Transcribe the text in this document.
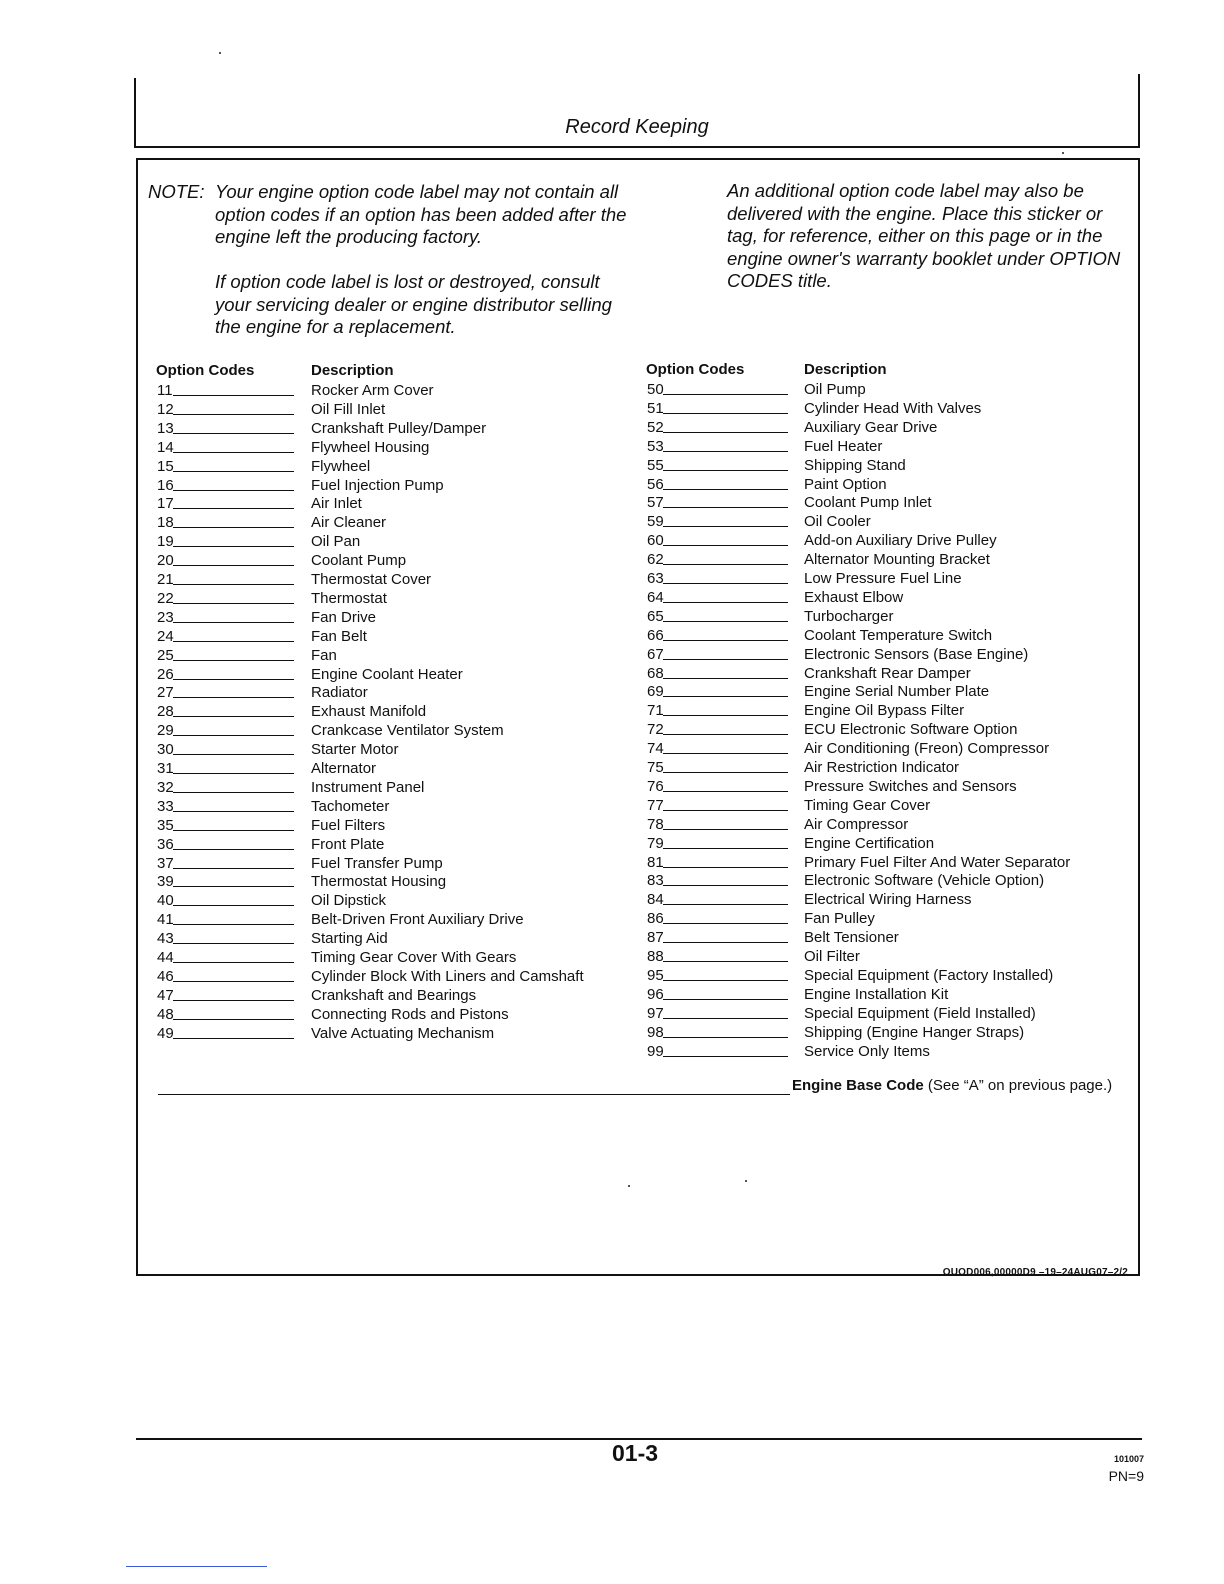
Record Keeping
NOTE: Your engine option code label may not contain all option codes if an option has been added after the engine left the producing factory.
If option code label is lost or destroyed, consult your servicing dealer or engine distributor selling the engine for a replacement.
An additional option code label may also be delivered with the engine. Place this sticker or tag, for reference, either on this page or in the engine owner's warranty booklet under OPTION CODES title.
Option Codes	Description	Option Codes	Description
11	Rocker Arm Cover
12	Oil Fill Inlet
13	Crankshaft Pulley/Damper
14	Flywheel Housing
15	Flywheel
16	Fuel Injection Pump
17	Air Inlet
18	Air Cleaner
19	Oil Pan
20	Coolant Pump
21	Thermostat Cover
22	Thermostat
23	Fan Drive
24	Fan Belt
25	Fan
26	Engine Coolant Heater
27	Radiator
28	Exhaust Manifold
29	Crankcase Ventilator System
30	Starter Motor
31	Alternator
32	Instrument Panel
33	Tachometer
35	Fuel Filters
36	Front Plate
37	Fuel Transfer Pump
39	Thermostat Housing
40	Oil Dipstick
41	Belt-Driven Front Auxiliary Drive
43	Starting Aid
44	Timing Gear Cover With Gears
46	Cylinder Block With Liners and Camshaft
47	Crankshaft and Bearings
48	Connecting Rods and Pistons
49	Valve Actuating Mechanism
50	Oil Pump
51	Cylinder Head With Valves
52	Auxiliary Gear Drive
53	Fuel Heater
55	Shipping Stand
56	Paint Option
57	Coolant Pump Inlet
59	Oil Cooler
60	Add-on Auxiliary Drive Pulley
62	Alternator Mounting Bracket
63	Low Pressure Fuel Line
64	Exhaust Elbow
65	Turbocharger
66	Coolant Temperature Switch
67	Electronic Sensors (Base Engine)
68	Crankshaft Rear Damper
69	Engine Serial Number Plate
71	Engine Oil Bypass Filter
72	ECU Electronic Software Option
74	Air Conditioning (Freon) Compressor
75	Air Restriction Indicator
76	Pressure Switches and Sensors
77	Timing Gear Cover
78	Air Compressor
79	Engine Certification
81	Primary Fuel Filter And Water Separator
83	Electronic Software (Vehicle Option)
84	Electrical Wiring Harness
86	Fan Pulley
87	Belt Tensioner
88	Oil Filter
95	Special Equipment (Factory Installed)
96	Engine Installation Kit
97	Special Equipment (Field Installed)
98	Shipping (Engine Hanger Straps)
99	Service Only Items
Engine Base Code (See “A” on previous page.)
OUOD006,00000D9 –19–24AUG07–2/2
01-3	101007
PN=9
